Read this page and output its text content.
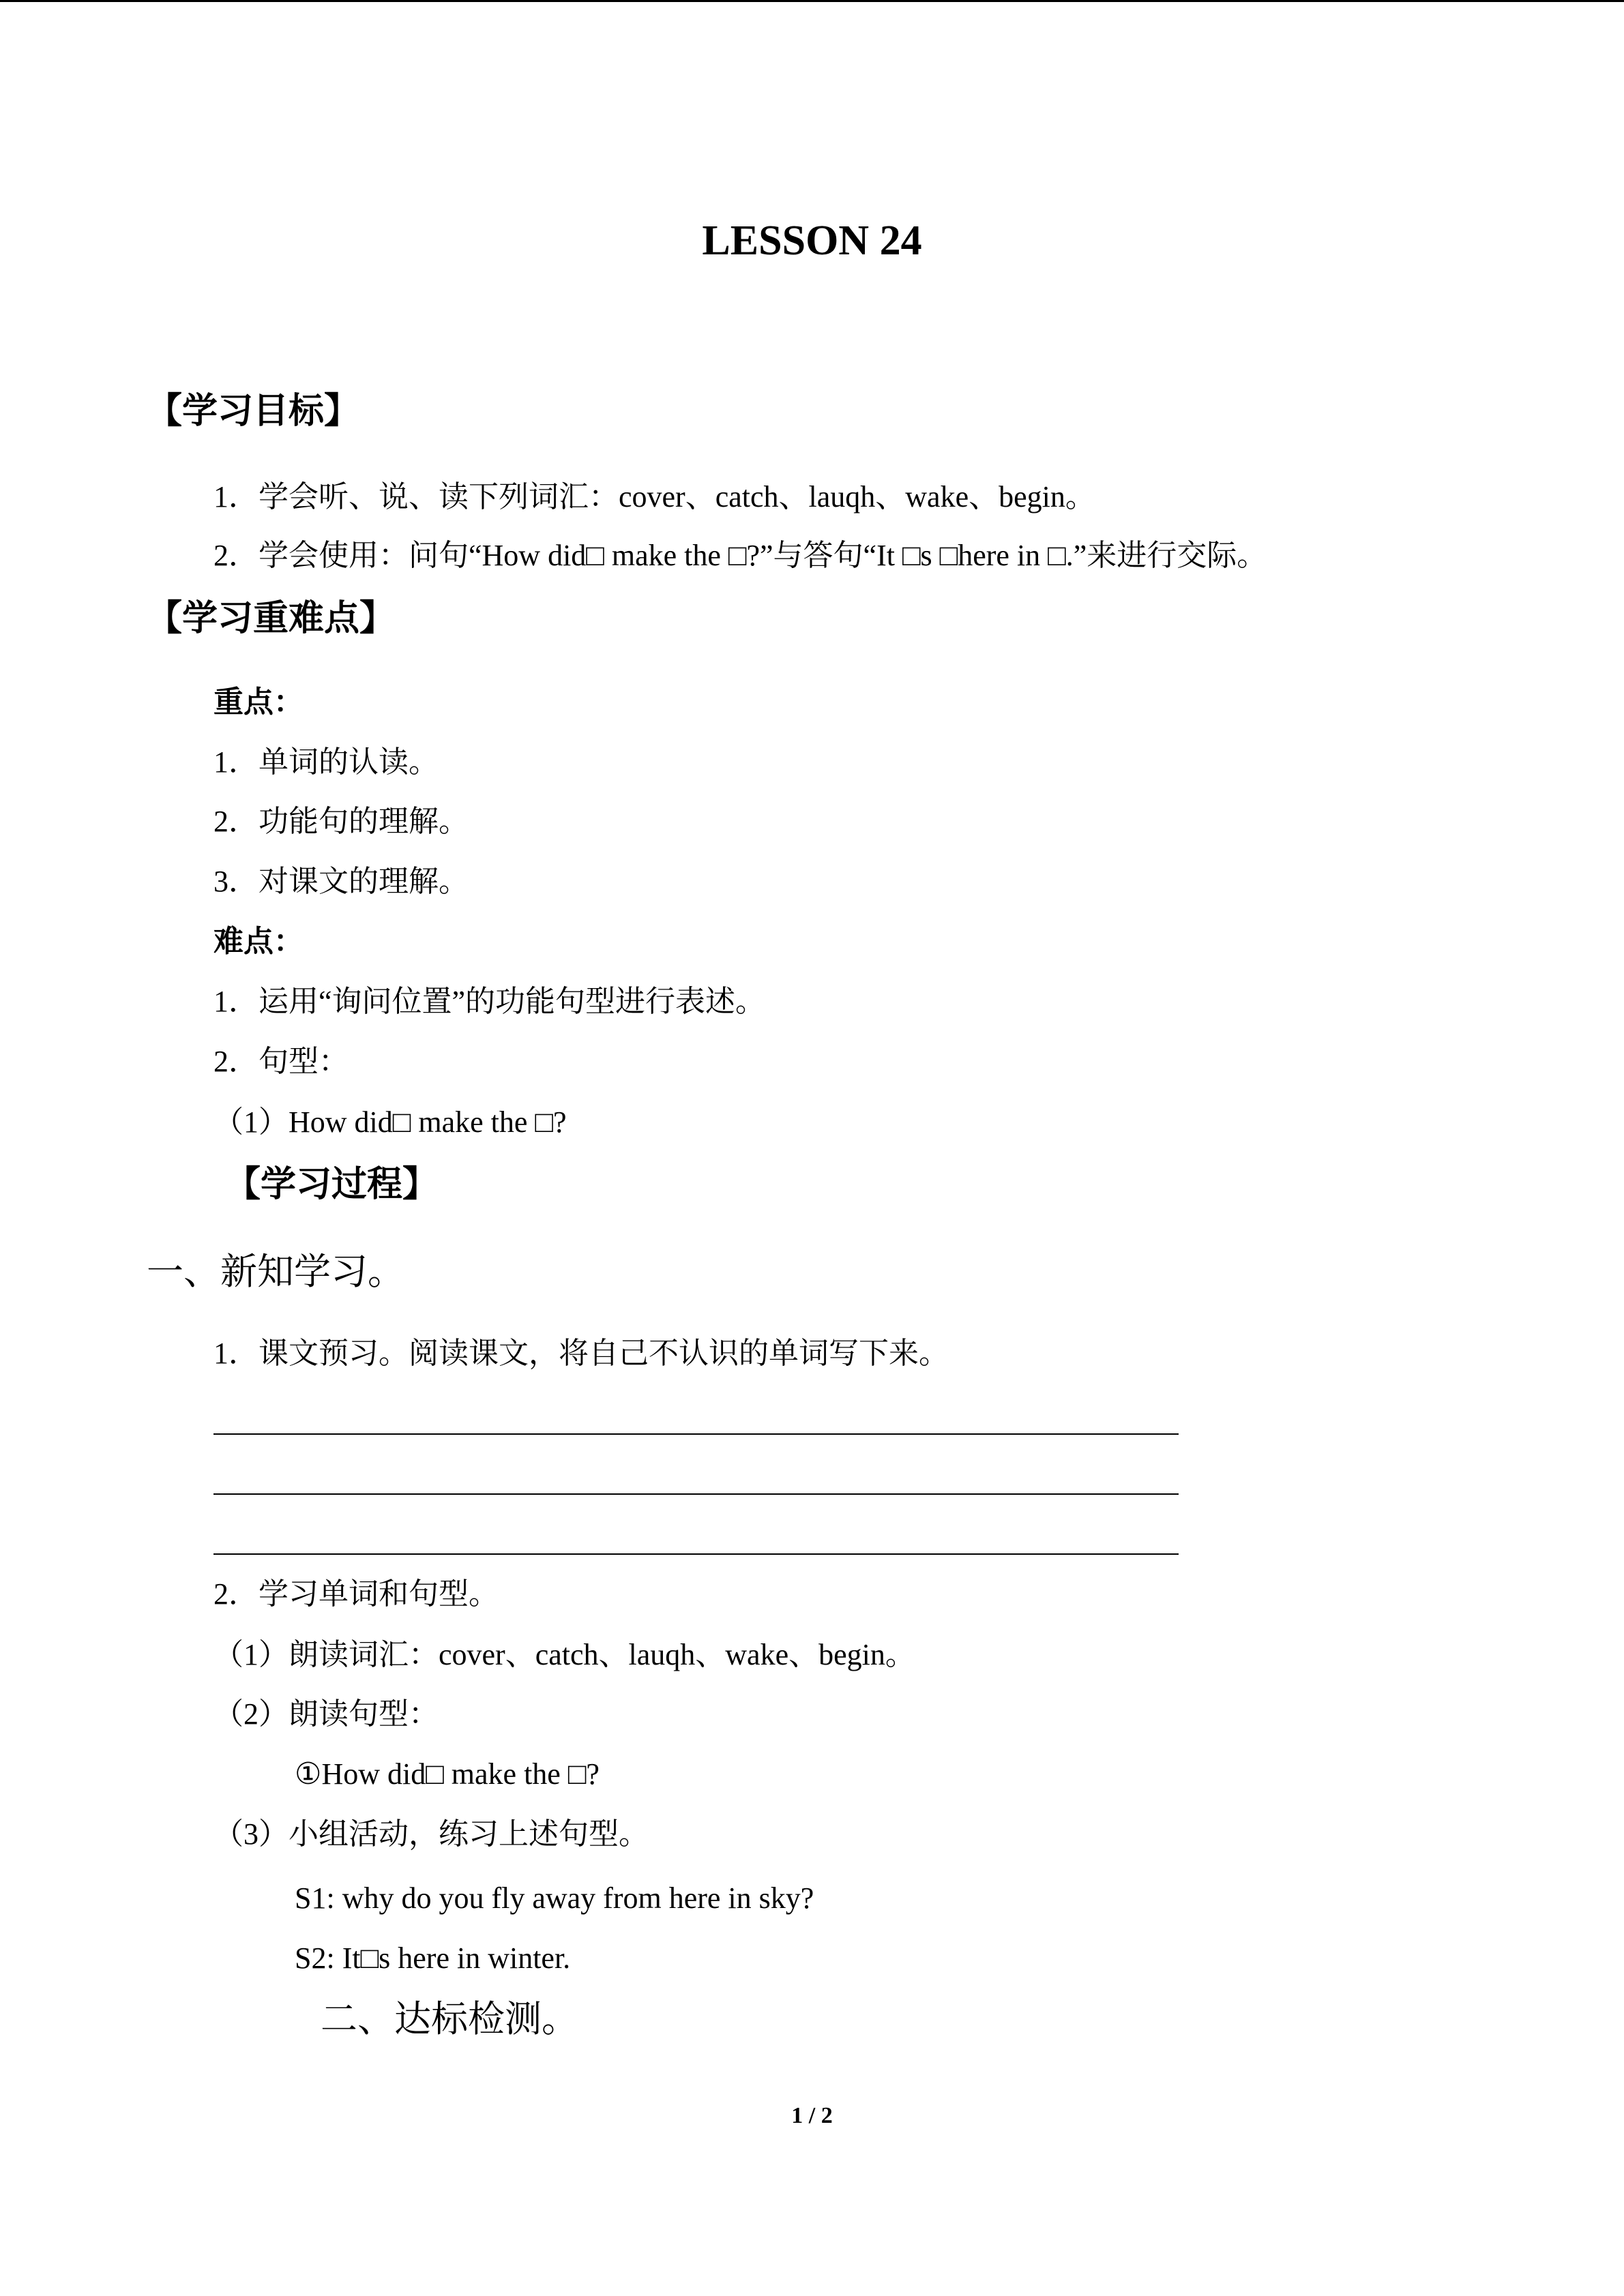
LESSON 24
【学习目标】
1．学会听、说、读下列词汇：cover、catch、lauqh、wake、begin。
2．学会使用：问句“How did□ make the □?”与答句“It □s □here in □.”来进行交际。
【学习重难点】
重点：
1．单词的认读。
2．功能句的理解。
3．对课文的理解。
难点：
1．运用“询问位置”的功能句型进行表述。
2．句型：
（1）How did□ make the □?
【学习过程】
一、新知学习。
1．课文预习。阅读课文，将自己不认识的单词写下来。
2．学习单词和句型。
（1）朗读词汇：cover、catch、lauqh、wake、begin。
（2）朗读句型：
①How did□ make the □?
（3）小组活动，练习上述句型。
S1: why do you fly away from here in sky?
S2: It□s here in winter.
二、达标检测。
1 / 2
